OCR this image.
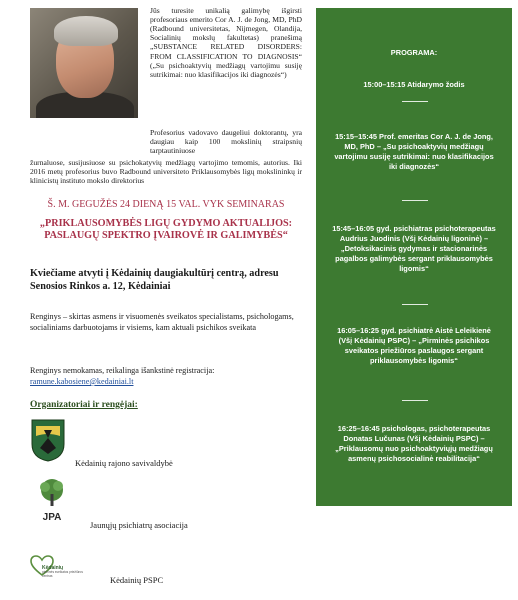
Jūs turesite unikalią galimybę išgirsti profesoriaus emerito Cor A. J. de Jong, MD, PhD (Radbound universitetas, Nijmegen, Olandija, Socialinių mokslų fakultetas) pranešimą „SUBSTANCE RELATED DISORDERS: FROM CLASSIFICATION TO DIAGNOSIS“ („Su psichoaktyvių medžiagų vartojimu susiję sutrikimai: nuo klasifikacijos iki diagnozės“)
Profesorius vadovavo daugeliui doktorantų, yra daugiau kaip 100 mokslinių straipsnių tarptautiniuose
žurnaluose, susijusiuose su psichokatyvių medžiagų vartojimo temomis, autorius. Iki 2016 metų profesorius buvo Radbound universiteto Priklausomybės ligų mokslininkų ir klinicistų instituto mokslo direktorius
Š. M. GEGUŽĖS 24 DIENĄ 15 VAL. VYK SEMINARAS
„PRIKLAUSOMYBĖS LIGŲ GYDYMO AKTUALIJOS: PASLAUGŲ SPEKTRO ĮVAIROVĖ IR GALIMYBĖS“
Kviečiame atvyti į Kėdainių daugiakultūrį centrą, adresu Senosios Rinkos a. 12, Kėdainiai
Renginys – skirtas asmens ir visuomenės sveikatos specialistams, psichologams, socialiniams darbuotojams ir visiems, kam aktuali psichikos sveikata
Renginys nemokamas, reikalinga išankstinė registracija:
ramune.kabosiene@kedainiai.lt
Organizatoriai ir rengėjai:
Kėdainių rajono savivaldybė
JPA
Jaunųjų psichiatrų asociacija
Kėdainių
pirminės sveikatos priežiūros centras	Kėdainių PSPC
PROGRAMA:
15:00–15:15 Atidarymo žodis
15:15–15:45 Prof. emeritas Cor A. J. de Jong, MD, PhD – „Su psichoaktyvių medžiagų vartojimu susiję sutrikimai: nuo klasifikacijos iki diagnozės“
15:45–16:05 gyd. psichiatras psichoterapeutas Audrius Juodinis (Všį Kėdainių ligoninė) – „Detoksikacinis gydymas ir stacionarinės pagalbos galimybės sergant priklausomybės ligomis“
16:05–16:25 gyd. psichiatrė Aistė Leleikienė (Všį Kėdainių PSPC) – „Pirminės psichikos sveikatos priežiūros paslaugos sergant priklausomybės ligomis“
16:25–16:45 psichologas, psichoterapeutas Donatas Lučunas (Všį Kėdainių PSPC) – „Priklausomų nuo psichoaktyviųjų medžiagų asmenų psichosocialinė reabilitacija“
